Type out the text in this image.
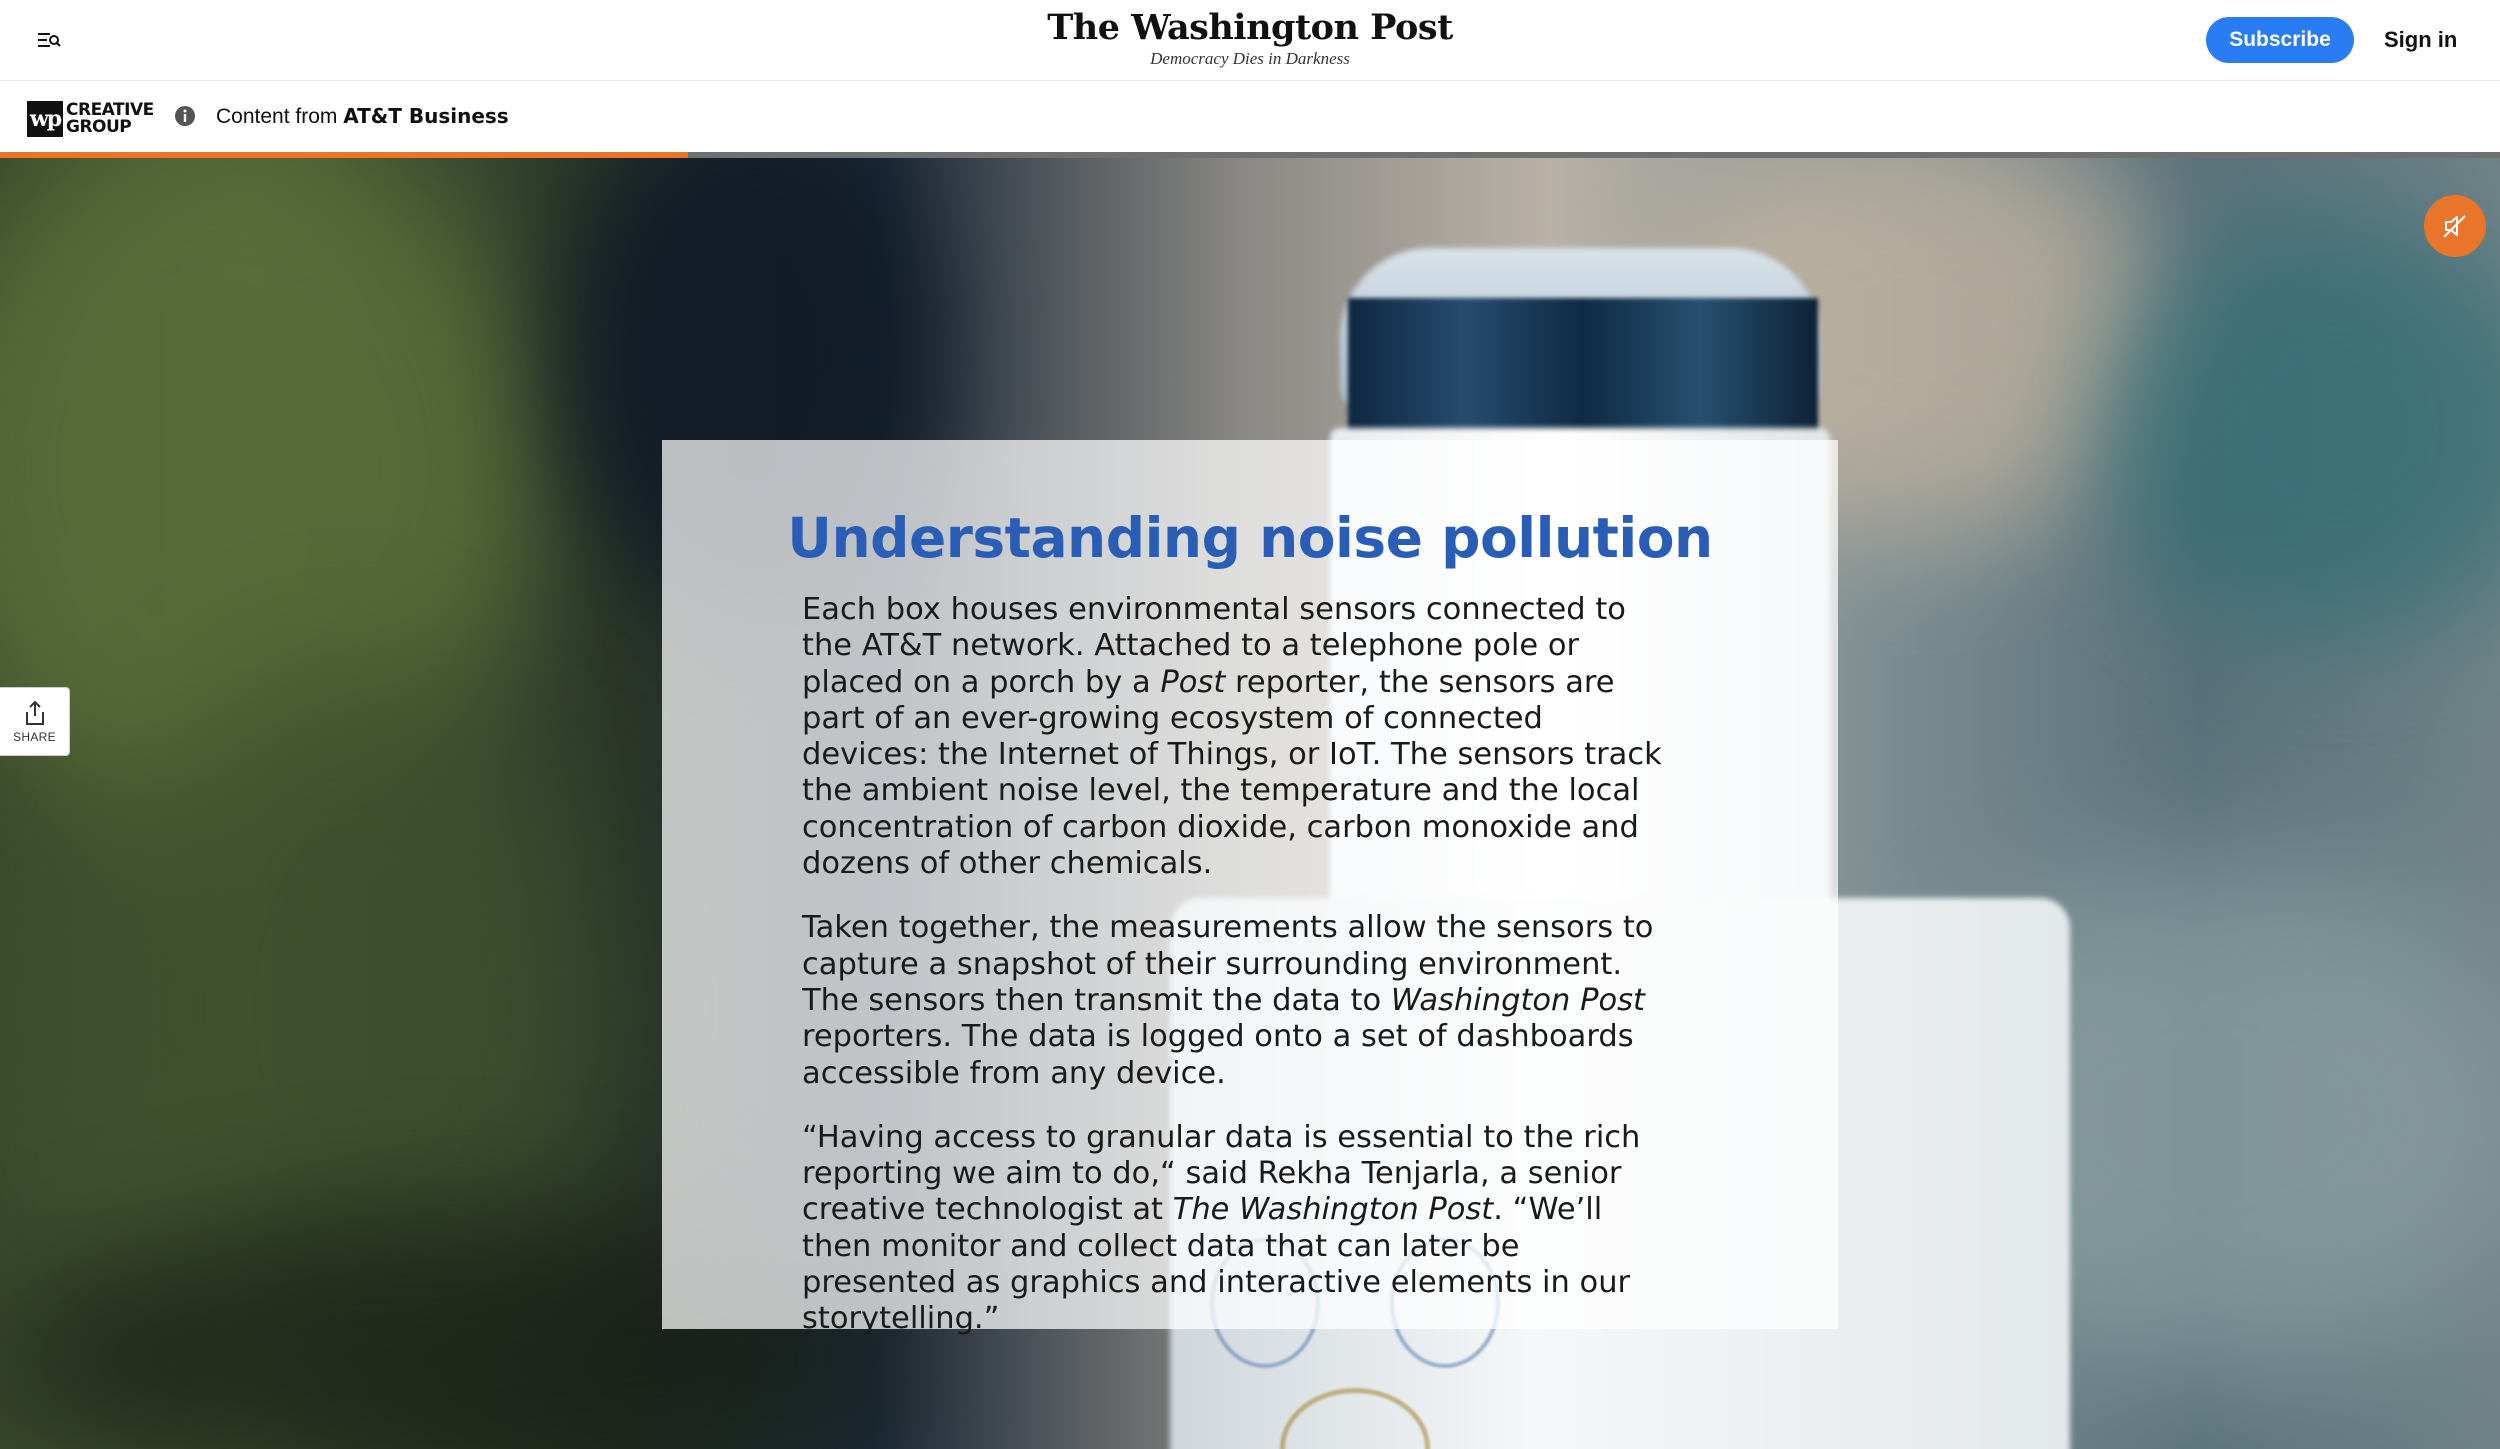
The Washington Post
Democracy Dies in Darkness
Subscribe	Sign in
wp CREATIVE
GROUP	Content from AT&T Business
SHARE
Understanding noise pollution

Each box houses environmental sensors connected to the AT&T network. Attached to a telephone pole or placed on a porch by a Post reporter, the sensors are part of an ever-growing ecosystem of connected devices: the Internet of Things, or IoT. The sensors track the ambient noise level, the temperature and the local concentration of carbon dioxide, carbon monoxide and dozens of other chemicals.

Taken together, the measurements allow the sensors to capture a snapshot of their surrounding environment. The sensors then transmit the data to Washington Post reporters. The data is logged onto a set of dashboards accessible from any device.

“Having access to granular data is essential to the rich reporting we aim to do,“ said Rekha Tenjarla, a senior creative technologist at The Washington Post. “We’ll then monitor and collect data that can later be presented as graphics and interactive elements in our storytelling.”
